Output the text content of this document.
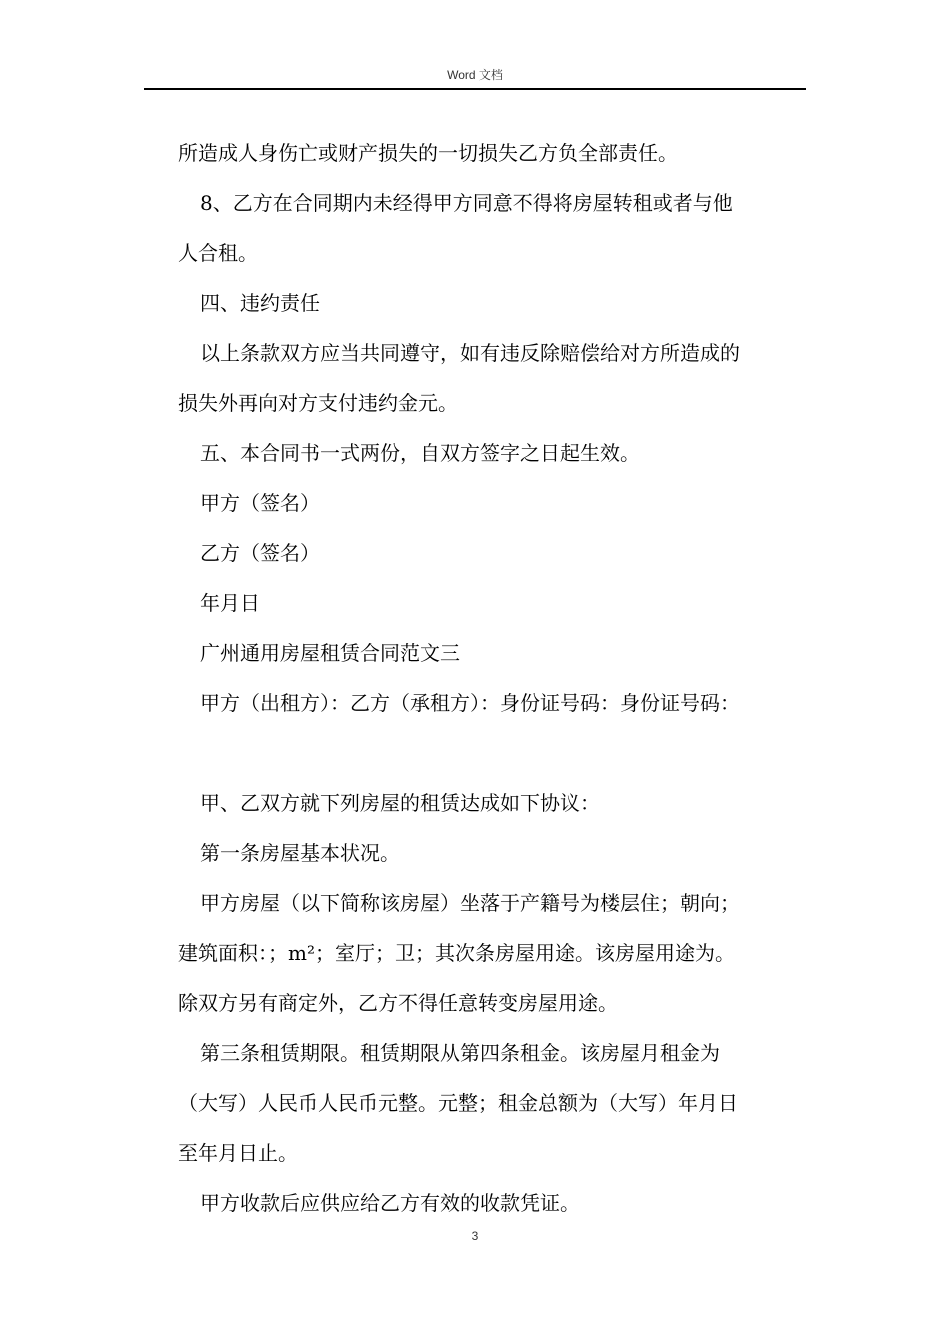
Word 文档
所造成人身伤亡或财产损失的一切损失乙方负全部责任。
8、乙方在合同期内未经得甲方同意不得将房屋转租或者与他
人合租。
四、违约责任
以上条款双方应当共同遵守，如有违反除赔偿给对方所造成的
损失外再向对方支付违约金元。
五、本合同书一式两份，自双方签字之日起生效。
甲方（签名）
乙方（签名）
年月日
广州通用房屋租赁合同范文三
甲方（出租方）：乙方（承租方）：身份证号码：身份证号码：
甲、乙双方就下列房屋的租赁达成如下协议：
第一条房屋基本状况。
甲方房屋（以下简称该房屋）坐落于产籍号为楼层住；朝向；
建筑面积：；m²；室厅；卫；其次条房屋用途。该房屋用途为。
除双方另有商定外，乙方不得任意转变房屋用途。
第三条租赁期限。租赁期限从第四条租金。该房屋月租金为
（大写）人民币人民币元整。元整；租金总额为（大写）年月日
至年月日止。
甲方收款后应供应给乙方有效的收款凭证。
3
